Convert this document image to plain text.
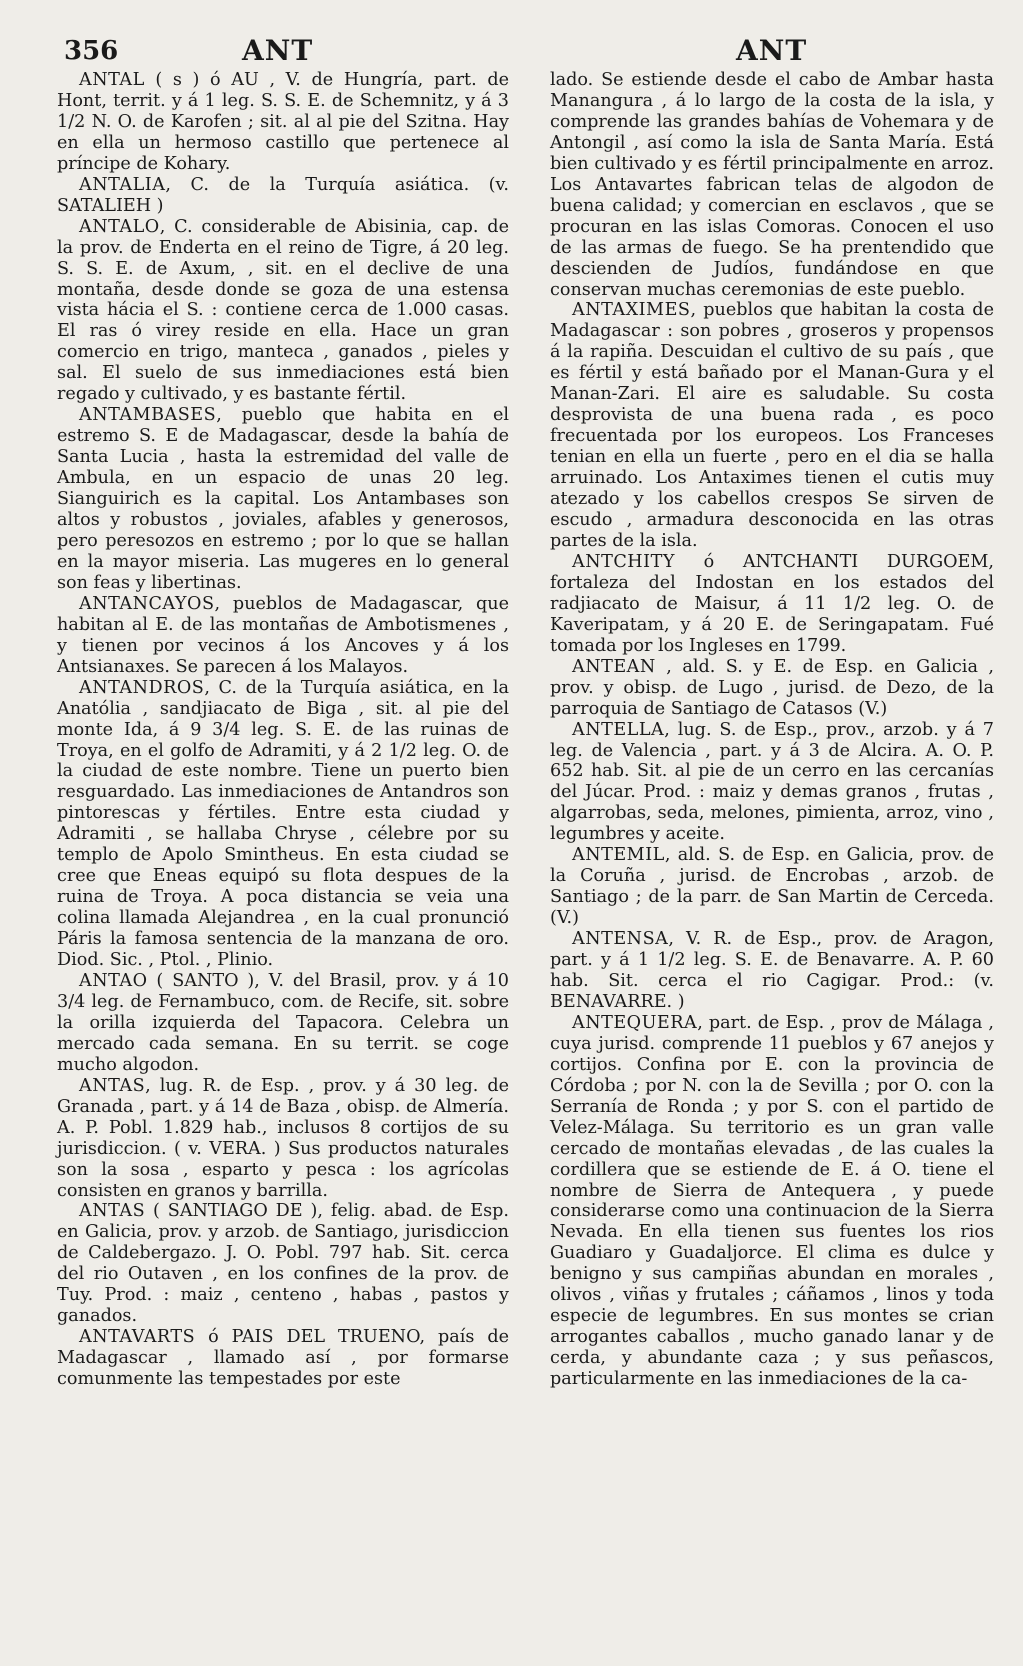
356	ANT	ANT

ANTAL ( s ) ó AU , V. de Hungría, part. de Hont, territ. y á 1 leg. S. S. E. de Schemnitz, y á 3 1/2 N. O. de Karofen ; sit. al al pie del Szitna. Hay en ella un hermoso castillo que pertenece al príncipe de Kohary.

ANTALIA, C. de la Turquía asiática. (v. SATALIEH )

ANTALO, C. considerable de Abisinia, cap. de la prov. de Enderta en el reino de Tigre, á 20 leg. S. S. E. de Axum, , sit. en el declive de una montaña, desde donde se goza de una estensa vista hácia el S. : contiene cerca de 1.000 casas. El ras ó virey reside en ella. Hace un gran comercio en trigo, manteca , ganados , pieles y sal. El suelo de sus inmediaciones está bien regado y cultivado, y es bastante fértil.

ANTAMBASES, pueblo que habita en el estremo S. E de Madagascar, desde la bahía de Santa Lucia , hasta la estremidad del valle de Ambula, en un espacio de unas 20 leg. Sianguirich es la capital. Los Antambases son altos y robustos , joviales, afables y generosos, pero peresozos en estremo ; por lo que se hallan en la mayor miseria. Las mugeres en lo general son feas y libertinas.

ANTANCAYOS, pueblos de Madagascar, que habitan al E. de las montañas de Ambotismenes , y tienen por vecinos á los Ancoves y á los Antsianaxes. Se parecen á los Malayos.

ANTANDROS, C. de la Turquía asiática, en la Anatólia , sandjiacato de Biga , sit. al pie del monte Ida, á 9 3/4 leg. S. E. de las ruinas de Troya, en el golfo de Adramiti, y á 2 1/2 leg. O. de la ciudad de este nombre. Tiene un puerto bien resguardado. Las inmediaciones de Antandros son pintorescas y fértiles. Entre esta ciudad y Adramiti , se hallaba Chryse , célebre por su templo de Apolo Smintheus. En esta ciudad se cree que Eneas equipó su flota despues de la ruina de Troya. A poca distancia se veia una colina llamada Alejandrea , en la cual pronunció Páris la famosa sentencia de la manzana de oro. Diod. Sic. , Ptol. , Plinio.

ANTAO ( SANTO ), V. del Brasil, prov. y á 10 3/4 leg. de Fernambuco, com. de Recife, sit. sobre la orilla izquierda del Tapacora. Celebra un mercado cada semana. En su territ. se coge mucho algodon.

ANTAS, lug. R. de Esp. , prov. y á 30 leg. de Granada , part. y á 14 de Baza , obisp. de Almería. A. P. Pobl. 1.829 hab., inclusos 8 cortijos de su jurisdiccion. ( v. VERA. ) Sus productos naturales son la sosa , esparto y pesca : los agrícolas consisten en granos y barrilla.

ANTAS ( SANTIAGO DE ), felig. abad. de Esp. en Galicia, prov. y arzob. de Santiago, jurisdiccion de Caldebergazo. J. O. Pobl. 797 hab. Sit. cerca del rio Outaven , en los confines de la prov. de Tuy. Prod. : maiz , centeno , habas , pastos y ganados.

ANTAVARTS ó PAIS DEL TRUENO, país de Madagascar , llamado así , por formarse comunmente las tempestades por este

lado. Se estiende desde el cabo de Ambar hasta Manangura , á lo largo de la costa de la isla, y comprende las grandes bahías de Vohemara y de Antongil , así como la isla de Santa María. Está bien cultivado y es fértil principalmente en arroz. Los Antavartes fabrican telas de algodon de buena calidad; y comercian en esclavos , que se procuran en las islas Comoras. Conocen el uso de las armas de fuego. Se ha prentendido que descienden de Judíos, fundándose en que conservan muchas ceremonias de este pueblo.

ANTAXIMES, pueblos que habitan la costa de Madagascar : son pobres , groseros y propensos á la rapiña. Descuidan el cultivo de su país , que es fértil y está bañado por el Manan-Gura y el Manan-Zari. El aire es saludable. Su costa desprovista de una buena rada , es poco frecuentada por los europeos. Los Franceses tenian en ella un fuerte , pero en el dia se halla arruinado. Los Antaximes tienen el cutis muy atezado y los cabellos crespos Se sirven de escudo , armadura desconocida en las otras partes de la isla.

ANTCHITY ó ANTCHANTI DURGOEM, fortaleza del Indostan en los estados del radjiacato de Maisur, á 11 1/2 leg. O. de Kaveripatam, y á 20 E. de Seringapatam. Fué tomada por los Ingleses en 1799.

ANTEAN , ald. S. y E. de Esp. en Galicia , prov. y obisp. de Lugo , jurisd. de Dezo, de la parroquia de Santiago de Catasos (V.)

ANTELLA, lug. S. de Esp., prov., arzob. y á 7 leg. de Valencia , part. y á 3 de Alcira. A. O. P. 652 hab. Sit. al pie de un cerro en las cercanías del Júcar. Prod. : maiz y demas granos , frutas , algarrobas, seda, melones, pimienta, arroz, vino , legumbres y aceite.

ANTEMIL, ald. S. de Esp. en Galicia, prov. de la Coruña , jurisd. de Encrobas , arzob. de Santiago ; de la parr. de San Martin de Cerceda. (V.)

ANTENSA, V. R. de Esp., prov. de Aragon, part. y á 1 1/2 leg. S. E. de Benavarre. A. P. 60 hab. Sit. cerca el rio Cagigar. Prod.: (v. BENAVARRE. )

ANTEQUERA, part. de Esp. , prov de Málaga , cuya jurisd. comprende 11 pueblos y 67 anejos y cortijos. Confina por E. con la provincia de Córdoba ; por N. con la de Sevilla ; por O. con la Serranía de Ronda ; y por S. con el partido de Velez-Málaga. Su territorio es un gran valle cercado de montañas elevadas , de las cuales la cordillera que se estiende de E. á O. tiene el nombre de Sierra de Antequera , y puede considerarse como una continuacion de la Sierra Nevada. En ella tienen sus fuentes los rios Guadiaro y Guadaljorce. El clima es dulce y benigno y sus campiñas abundan en morales , olivos , viñas y frutales ; cáñamos , linos y toda especie de legumbres. En sus montes se crian arrogantes caballos , mucho ganado lanar y de cerda, y abundante caza ; y sus peñascos, particularmente en las inmediaciones de la ca-
